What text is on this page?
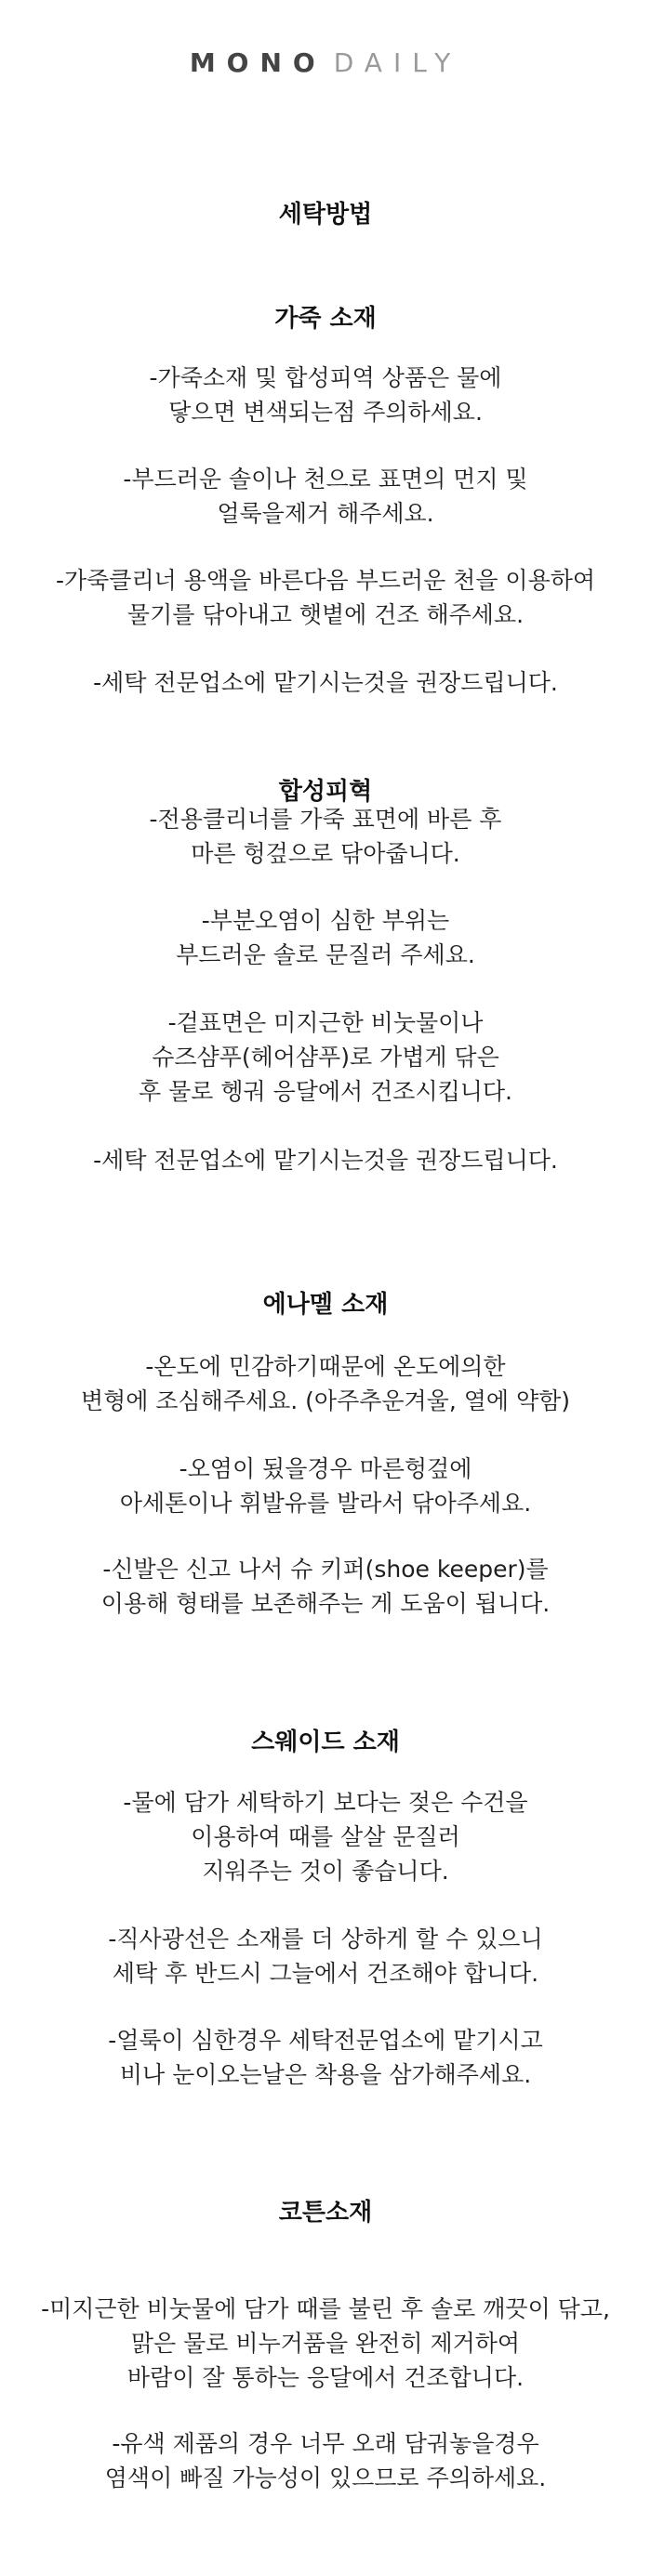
MONO DAILY
세탁방법
가죽 소재
-가죽소재 및 합성피역 상품은 물에
닿으면 변색되는점 주의하세요.
-부드러운 솔이나 천으로 표면의 먼지 및
얼룩을제거 해주세요.
-가죽클리너 용액을 바른다음 부드러운 천을 이용하여
물기를 닦아내고 햇볕에 건조 해주세요.
-세탁 전문업소에 맡기시는것을 권장드립니다.
합성피혁
-전용클리너를 가죽 표면에 바른 후
마른 헝겊으로 닦아줍니다.
-부분오염이 심한 부위는
부드러운 솔로 문질러 주세요.
-겉표면은 미지근한 비눗물이나
슈즈샴푸(헤어샴푸)로 가볍게 닦은
후 물로 헹궈 응달에서 건조시킵니다.
-세탁 전문업소에 맡기시는것을 권장드립니다.
에나멜 소재
-온도에 민감하기때문에 온도에의한
변형에 조심해주세요. (아주추운겨울, 열에 약함)
-오염이 됬을경우 마른헝겊에
아세톤이나 휘발유를 발라서 닦아주세요.
-신발은 신고 나서 슈 키퍼(shoe keeper)를
이용해 형태를 보존해주는 게 도움이 됩니다.
스웨이드 소재
-물에 담가 세탁하기 보다는 젖은 수건을
이용하여 때를 살살 문질러
지워주는 것이 좋습니다.
-직사광선은 소재를 더 상하게 할 수 있으니
세탁 후 반드시 그늘에서 건조해야 합니다.
-얼룩이 심한경우 세탁전문업소에 맡기시고
비나 눈이오는날은 착용을 삼가해주세요.
코튼소재
-미지근한 비눗물에 담가 때를 불린 후 솔로 깨끗이 닦고,
맑은 물로 비누거품을 완전히 제거하여
바람이 잘 통하는 응달에서 건조합니다.
-유색 제품의 경우 너무 오래 담궈놓을경우
염색이 빠질 가능성이 있으므로 주의하세요.
